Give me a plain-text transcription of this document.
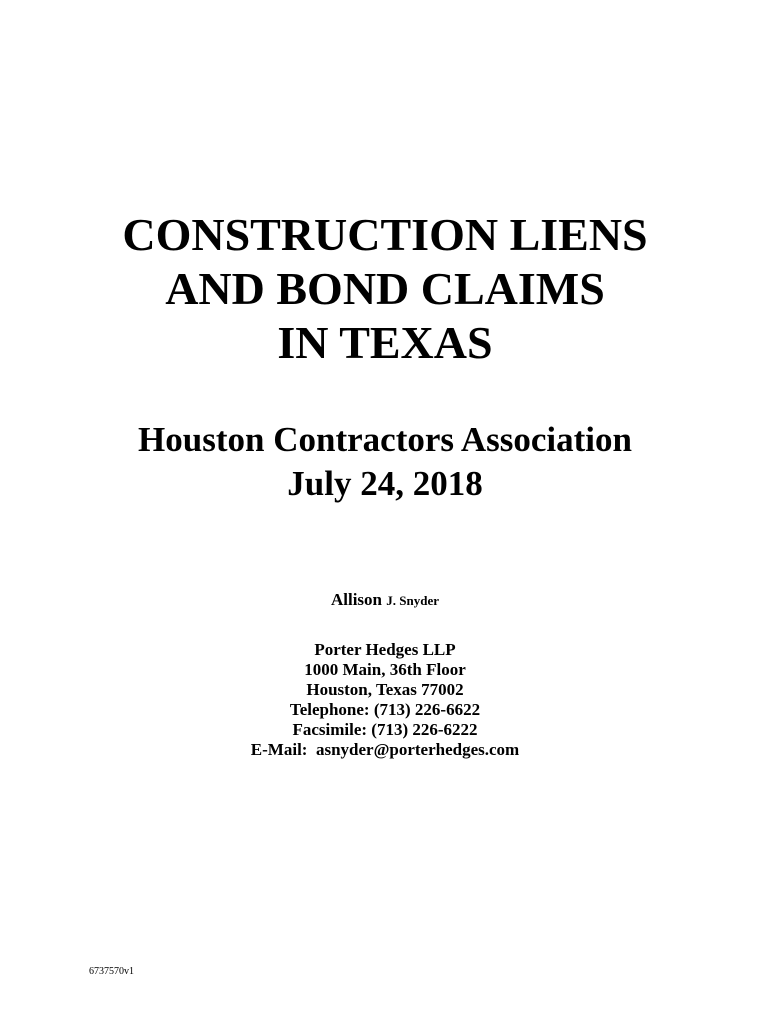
CONSTRUCTION LIENS
AND BOND CLAIMS
IN TEXAS
Houston Contractors Association
July 24, 2018
Allison J. Snyder
Porter Hedges LLP
1000 Main, 36th Floor
Houston, Texas 77002
Telephone: (713) 226-6622
Facsimile: (713) 226-6222
E-Mail:  asnyder@porterhedges.com
6737570v1
